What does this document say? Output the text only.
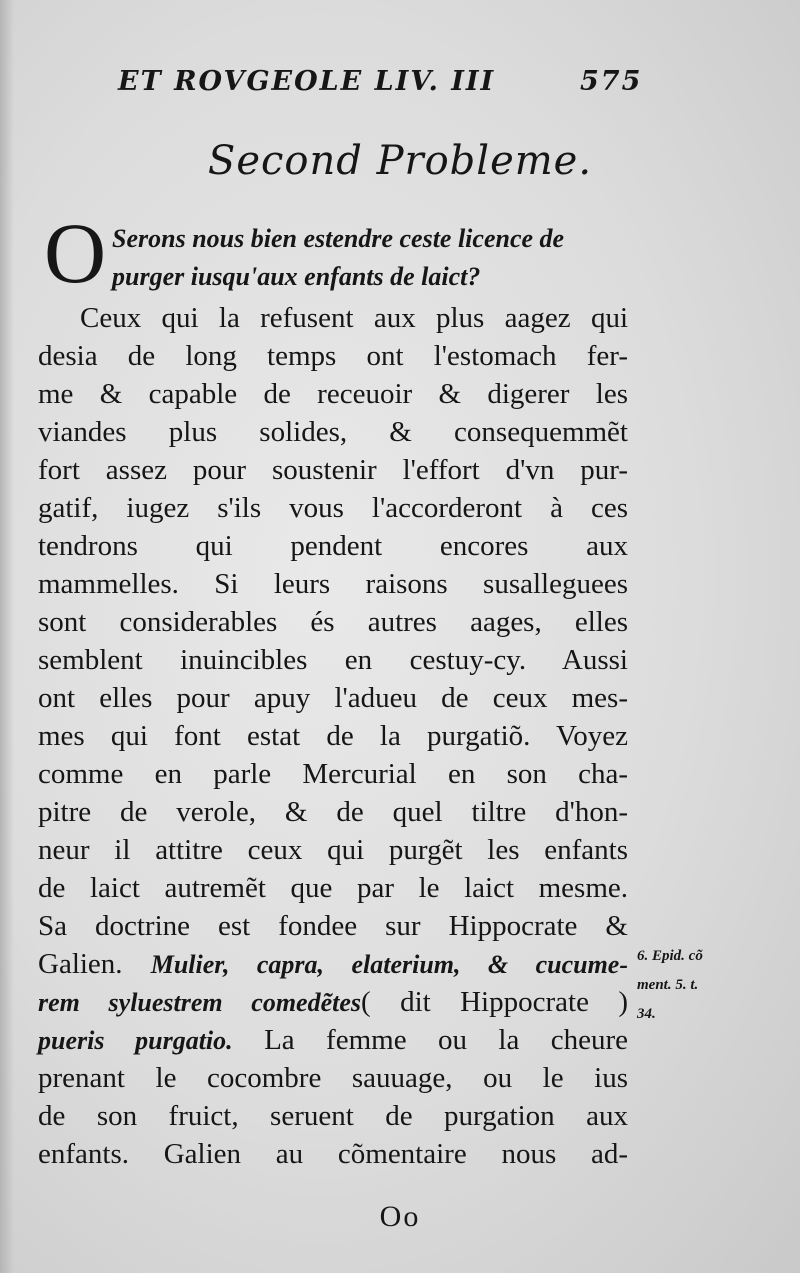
ET ROVGEOLE LIV. III	575
Second Probleme.
O Serons nous bien estendre ceste licence de
purger iusqu'aux enfants de laict?
Ceux qui la refusent aux plus aagez qui
desia de long temps ont l'estomach fer-
me & capable de receuoir & digerer les
viandes plus solides, & consequemmẽt
fort assez pour soustenir l'effort d'vn pur-
gatif, iugez s'ils vous l'accorderont à ces
tendrons qui pendent encores aux
mammelles. Si leurs raisons susalleguees
sont considerables és autres aages, elles
semblent inuincibles en cestuy-cy. Aussi
ont elles pour apuy l'adueu de ceux mes-
mes qui font estat de la purgatiõ. Voyez
comme en parle Mercurial en son cha-
pitre de verole, & de quel tiltre d'hon-
neur il attitre ceux qui purgẽt les enfants
de laict autremẽt que par le laict mesme.
Sa doctrine est fondee sur Hippocrate &
Galien. Mulier, capra, elaterium, & cucume-
rem syluestrem comedẽtes( dit Hippocrate )
pueris purgatio. La femme ou la cheure
prenant le cocombre sauuage, ou le ius
de son fruict, seruent de purgation aux
enfants. Galien au cõmentaire nous ad-
6. Epid. cõ
ment. 5. t.
34.
Oo
